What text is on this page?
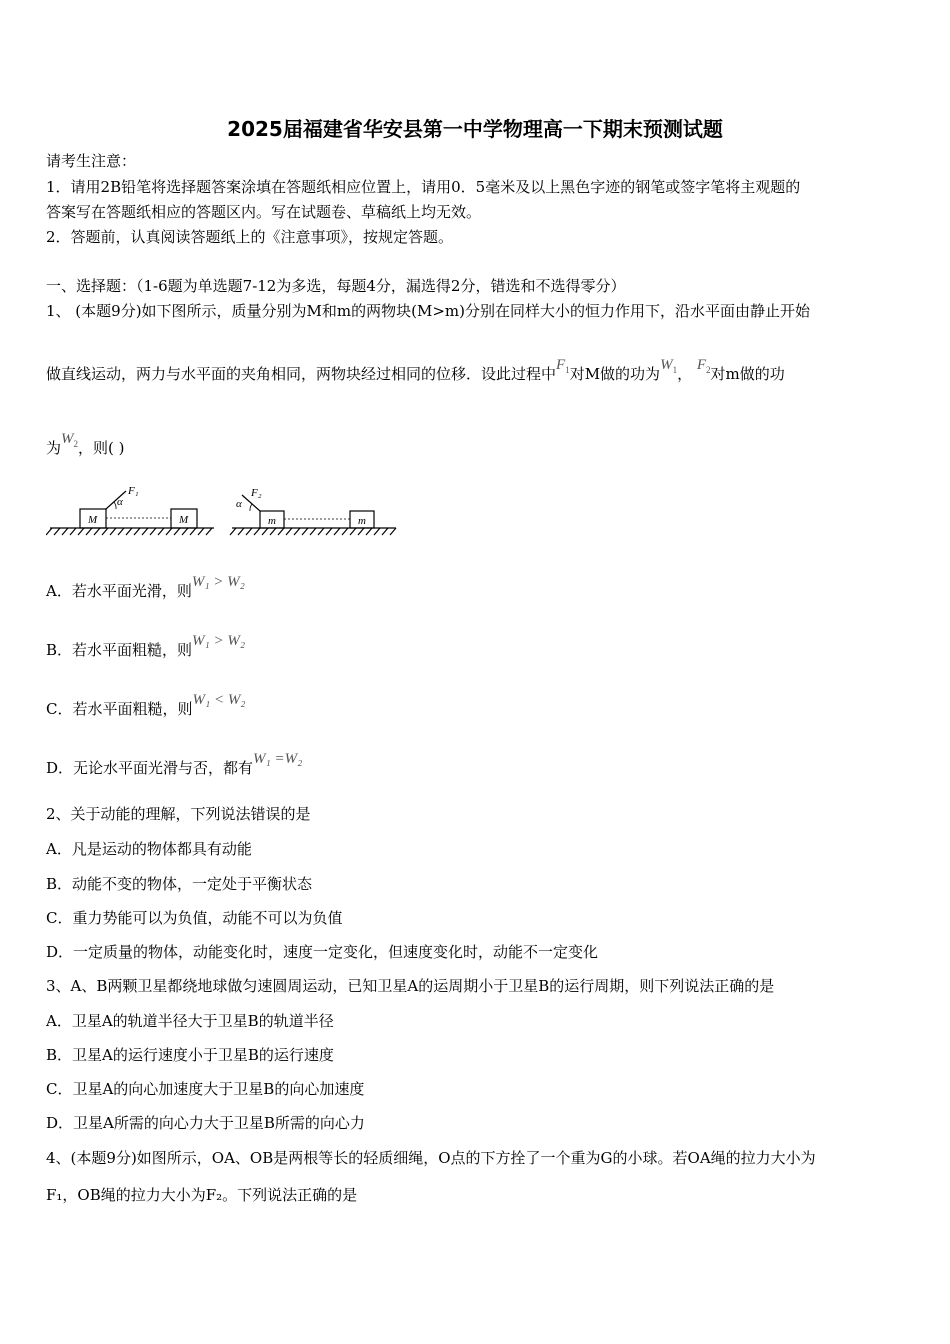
2025届福建省华安县第一中学物理高一下期末预测试题
请考生注意：
1．请用2B铅笔将选择题答案涂填在答题纸相应位置上，请用0．5毫米及以上黑色字迹的钢笔或签字笔将主观题的
答案写在答题纸相应的答题区内。写在试题卷、草稿纸上均无效。
2．答题前，认真阅读答题纸上的《注意事项》，按规定答题。
一、选择题：（1-6题为单选题7-12为多选，每题4分，漏选得2分，错选和不选得零分）
1、 (本题9分)如下图所示，质量分别为M和m的两物块(M>m)分别在同样大小的恒力作用下，沿水平面由静止开始
做直线运动，两力与水平面的夹角相同，两物块经过相同的位移．设此过程中$F_1$对M做的功为$W_1$， $F_2$对m做的功
为$W_2$，则( )
M	M	m	m
α
F₁
α
F₂
A．若水平面光滑，则W₁ > W₂
B．若水平面粗糙，则W₁ > W₂
C．若水平面粗糙，则W₁ < W₂
D．无论水平面光滑与否，都有W₁ =W₂
2、关于动能的理解，下列说法错误的是
A．凡是运动的物体都具有动能
B．动能不变的物体，一定处于平衡状态
C．重力势能可以为负值，动能不可以为负值
D．一定质量的物体，动能变化时，速度一定变化，但速度变化时，动能不一定变化
3、A、B两颗卫星都绕地球做匀速圆周运动，已知卫星A的运周期小于卫星B的运行周期，则下列说法正确的是
A．卫星A的轨道半径大于卫星B的轨道半径
B．卫星A的运行速度小于卫星B的运行速度
C．卫星A的向心加速度大于卫星B的向心加速度
D．卫星A所需的向心力大于卫星B所需的向心力
4、(本题9分)如图所示，OA、OB是两根等长的轻质细绳，O点的下方拴了一个重为G的小球。若OA绳的拉力大小为
F₁，OB绳的拉力大小为F₂。下列说法正确的是
